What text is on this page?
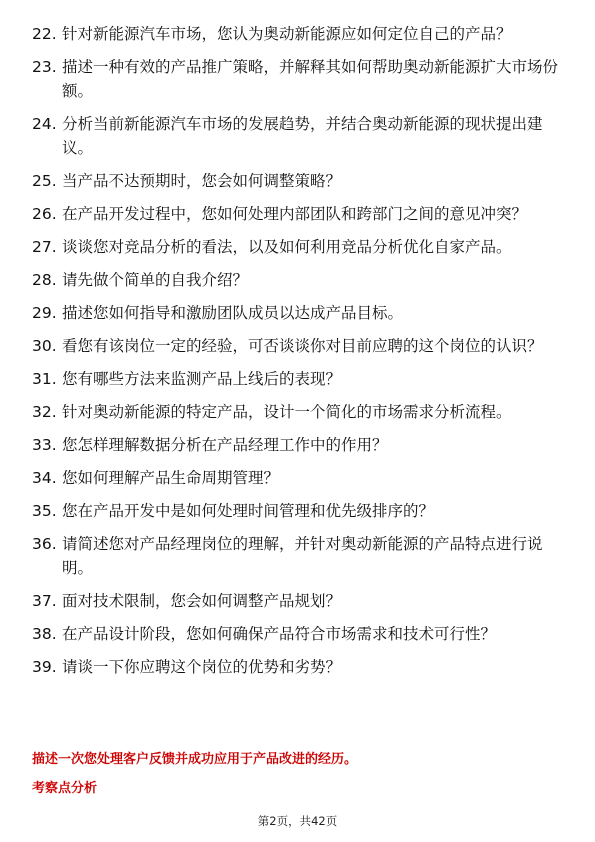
22. 针对新能源汽车市场，您认为奥动新能源应如何定位自己的产品？
23. 描述一种有效的产品推广策略，并解释其如何帮助奥动新能源扩大市场份额。
24. 分析当前新能源汽车市场的发展趋势，并结合奥动新能源的现状提出建议。
25. 当产品不达预期时，您会如何调整策略？
26. 在产品开发过程中，您如何处理内部团队和跨部门之间的意见冲突？
27. 谈谈您对竞品分析的看法，以及如何利用竞品分析优化自家产品。
28. 请先做个简单的自我介绍？
29. 描述您如何指导和激励团队成员以达成产品目标。
30. 看您有该岗位一定的经验，可否谈谈你对目前应聘的这个岗位的认识？
31. 您有哪些方法来监测产品上线后的表现？
32. 针对奥动新能源的特定产品，设计一个简化的市场需求分析流程。
33. 您怎样理解数据分析在产品经理工作中的作用？
34. 您如何理解产品生命周期管理？
35. 您在产品开发中是如何处理时间管理和优先级排序的？
36. 请简述您对产品经理岗位的理解，并针对奥动新能源的产品特点进行说明。
37. 面对技术限制，您会如何调整产品规划？
38. 在产品设计阶段，您如何确保产品符合市场需求和技术可行性？
39. 请谈一下你应聘这个岗位的优势和劣势？
描述一次您处理客户反馈并成功应用于产品改进的经历。
考察点分析
第2页，共42页
